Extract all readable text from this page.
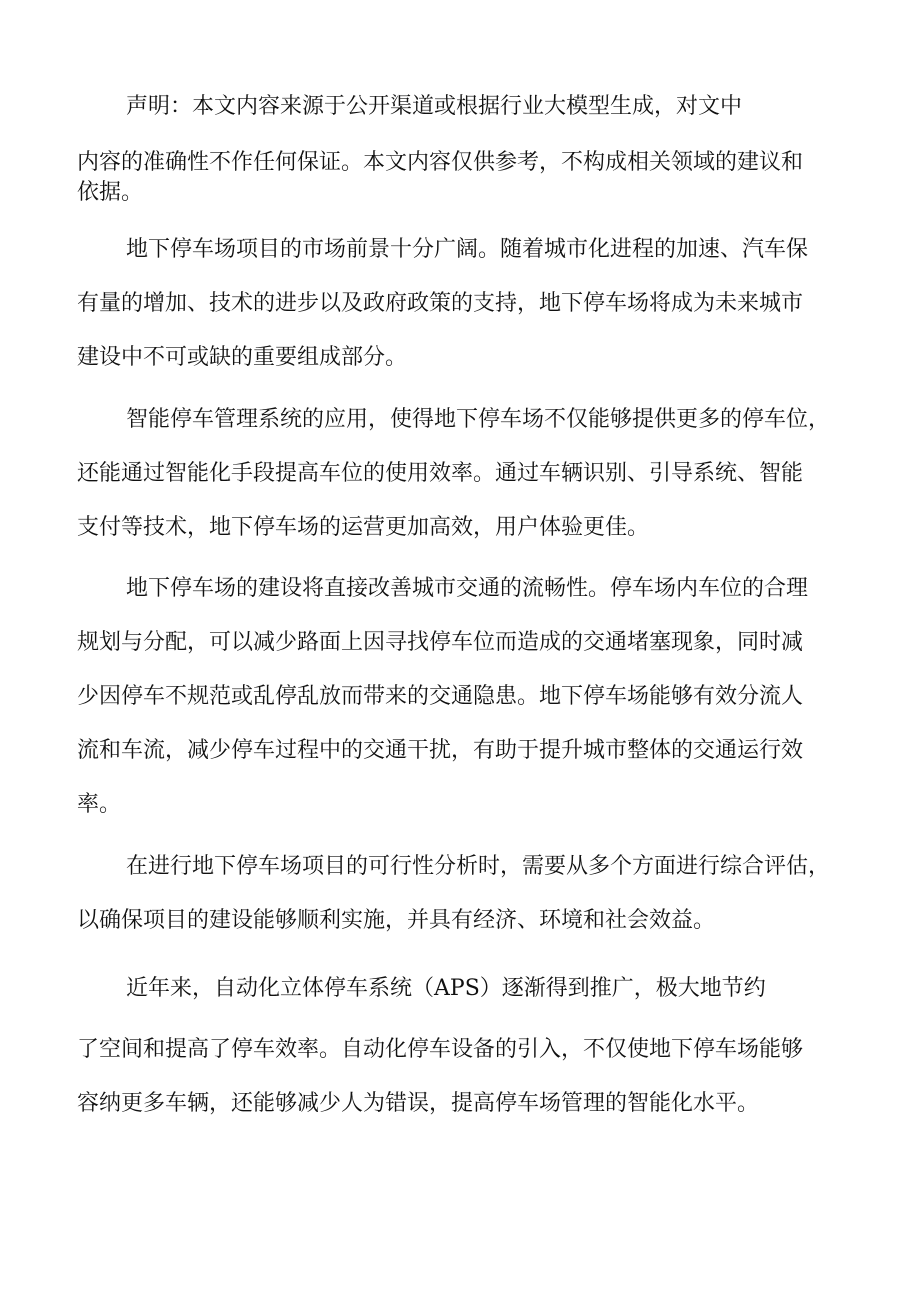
声明：本文内容来源于公开渠道或根据行业大模型生成，对文中
内容的准确性不作任何保证。本文内容仅供参考，不构成相关领域的建议和
依据。
地下停车场项目的市场前景十分广阔。随着城市化进程的加速、汽车保
有量的增加、技术的进步以及政府政策的支持，地下停车场将成为未来城市
建设中不可或缺的重要组成部分。
智能停车管理系统的应用，使得地下停车场不仅能够提供更多的停车位，
还能通过智能化手段提高车位的使用效率。通过车辆识别、引导系统、智能
支付等技术，地下停车场的运营更加高效，用户体验更佳。
地下停车场的建设将直接改善城市交通的流畅性。停车场内车位的合理
规划与分配，可以减少路面上因寻找停车位而造成的交通堵塞现象，同时减
少因停车不规范或乱停乱放而带来的交通隐患。地下停车场能够有效分流人
流和车流，减少停车过程中的交通干扰，有助于提升城市整体的交通运行效
率。
在进行地下停车场项目的可行性分析时，需要从多个方面进行综合评估，
以确保项目的建设能够顺利实施，并具有经济、环境和社会效益。
近年来，自动化立体停车系统（APS）逐渐得到推广，极大地节约
了空间和提高了停车效率。自动化停车设备的引入，不仅使地下停车场能够
容纳更多车辆，还能够减少人为错误，提高停车场管理的智能化水平。
